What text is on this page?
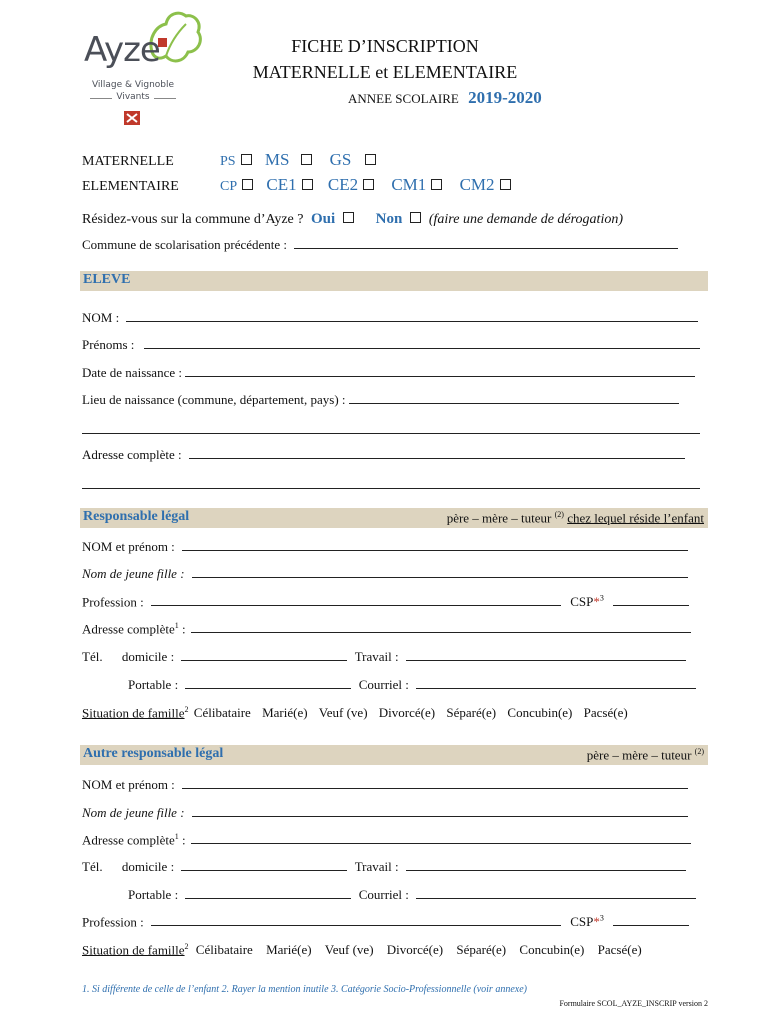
Ayze
Village & Vignoble
Vivants
FICHE D’INSCRIPTION
MATERNELLE et ELEMENTAIRE
ANNEE SCOLAIRE 2019-2020
MATERNELLE	PS MS GS
ELEMENTAIRE	CP CE1 CE2 CM1 CM2
Résidez-vous sur la commune d’Ayze ? Oui	Non (faire une demande de dérogation)
Commune de scolarisation précédente :
ELEVE
NOM :
Prénoms :
Date de naissance :
Lieu de naissance (commune, département, pays) :
Adresse complète :
Responsable légal	père – mère – tuteur $^{(2)}$ chez lequel réside l’enfant
NOM et prénom :
Nom de jeune fille :
Profession :	CSP*$^3$
Adresse complète$^1$ :
Tél. domicile :	Travail :
Portable :	Courriel :
Situation de famille$^2$ Célibataire Marié(e) Veuf (ve) Divorcé(e) Séparé(e) Concubin(e) Pacsé(e)
Autre responsable légal	père – mère – tuteur $^{(2)}$
NOM et prénom :
Nom de jeune fille :
Adresse complète$^1$ :
Tél. domicile :	Travail :
Portable :	Courriel :
Profession :	CSP*$^3$
Situation de famille$^2$ Célibataire Marié(e) Veuf (ve) Divorcé(e) Séparé(e) Concubin(e) Pacsé(e)
1. Si différente de celle de l’enfant 2. Rayer la mention inutile 3. Catégorie Socio-Professionnelle (voir annexe)
Formulaire SCOL_AYZE_INSCRIP version 2
